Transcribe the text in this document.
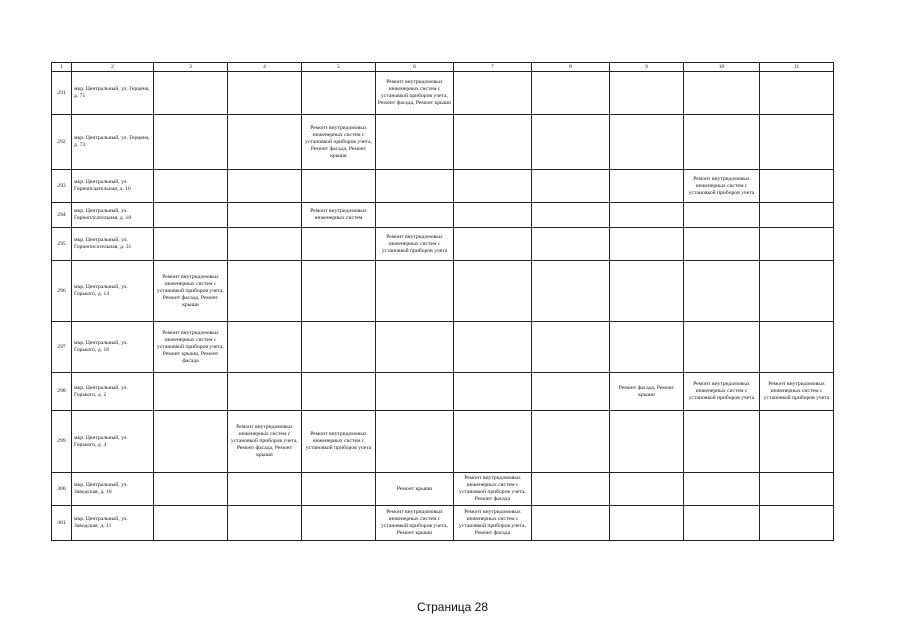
1	2	3	4	5	6	7	8	9	10	11
291	мкр. Центральный, ул. Герцена, д. 71				Ремонт внутридомовых инженерных систем с установкой приборов учета, Ремонт фасада, Ремонт крыши					
292	мкр. Центральный, ул. Герцена, д. 73			Ремонт внутридомовых инженерных систем с установкой приборов учета, Ремонт фасада, Ремонт крыши						
293	мкр. Центральный, ул. Горнопсаательная, д. 16								Ремонт внутридомовых инженерных систем с установкой приборов учета	
294	мкр. Центральный, ул. Горноплсательная, д. 18			Ремонт внутридомовых инженерных систем						
295	мкр. Центральный, ул. Горнописательная, д. 31				Ремонт внутридомовых инженерных систем с установкой приборов учета					
296	мкр. Центральный, ул. Горького, д. 14	Ремонт внутридомовых инженерных систем с установкой приборов учета, Ремонт фасада, Ремонт крыши								
297	мкр. Центральный, ул. Горького, д. 18	Ремонт внутридомовых инженерных систем с установкой приборов учета, Ремонт крыши, Ремонт фасада								
298	мкр. Центральный, ул. Горького, д. 2							Ремонт фасада, Ремонт крыши	Ремонт внутридомовых инженерных систем с установкой приборов учета	Ремонт внутридомовых инженерных систем с установкой приборов учета
299	мкр. Центральный, ул. Горького, д. 4		Ремонт внутридомовых инженерных систем с установкой приборов учета, Ремонт фасада, Ремонт крыши	Ремонт внутридомовых инженерных систем с установкой приборов учета						
300	мкр. Центральный, ул. Заводская, д. 10				Ремонт крыши	Ремонт внутридомовых инженерных систем с установкой приборов учета, Ремонт фасада				
301	мкр. Центральный, ул. Заводская, д. 11				Ремонт внутридомовых инженерных систем с установкой приборов учета, Ремонт крыши	Ремонт внутридомовых инженерных систем с установкой приборов учета, Ремонт фасада				
Страница 28
